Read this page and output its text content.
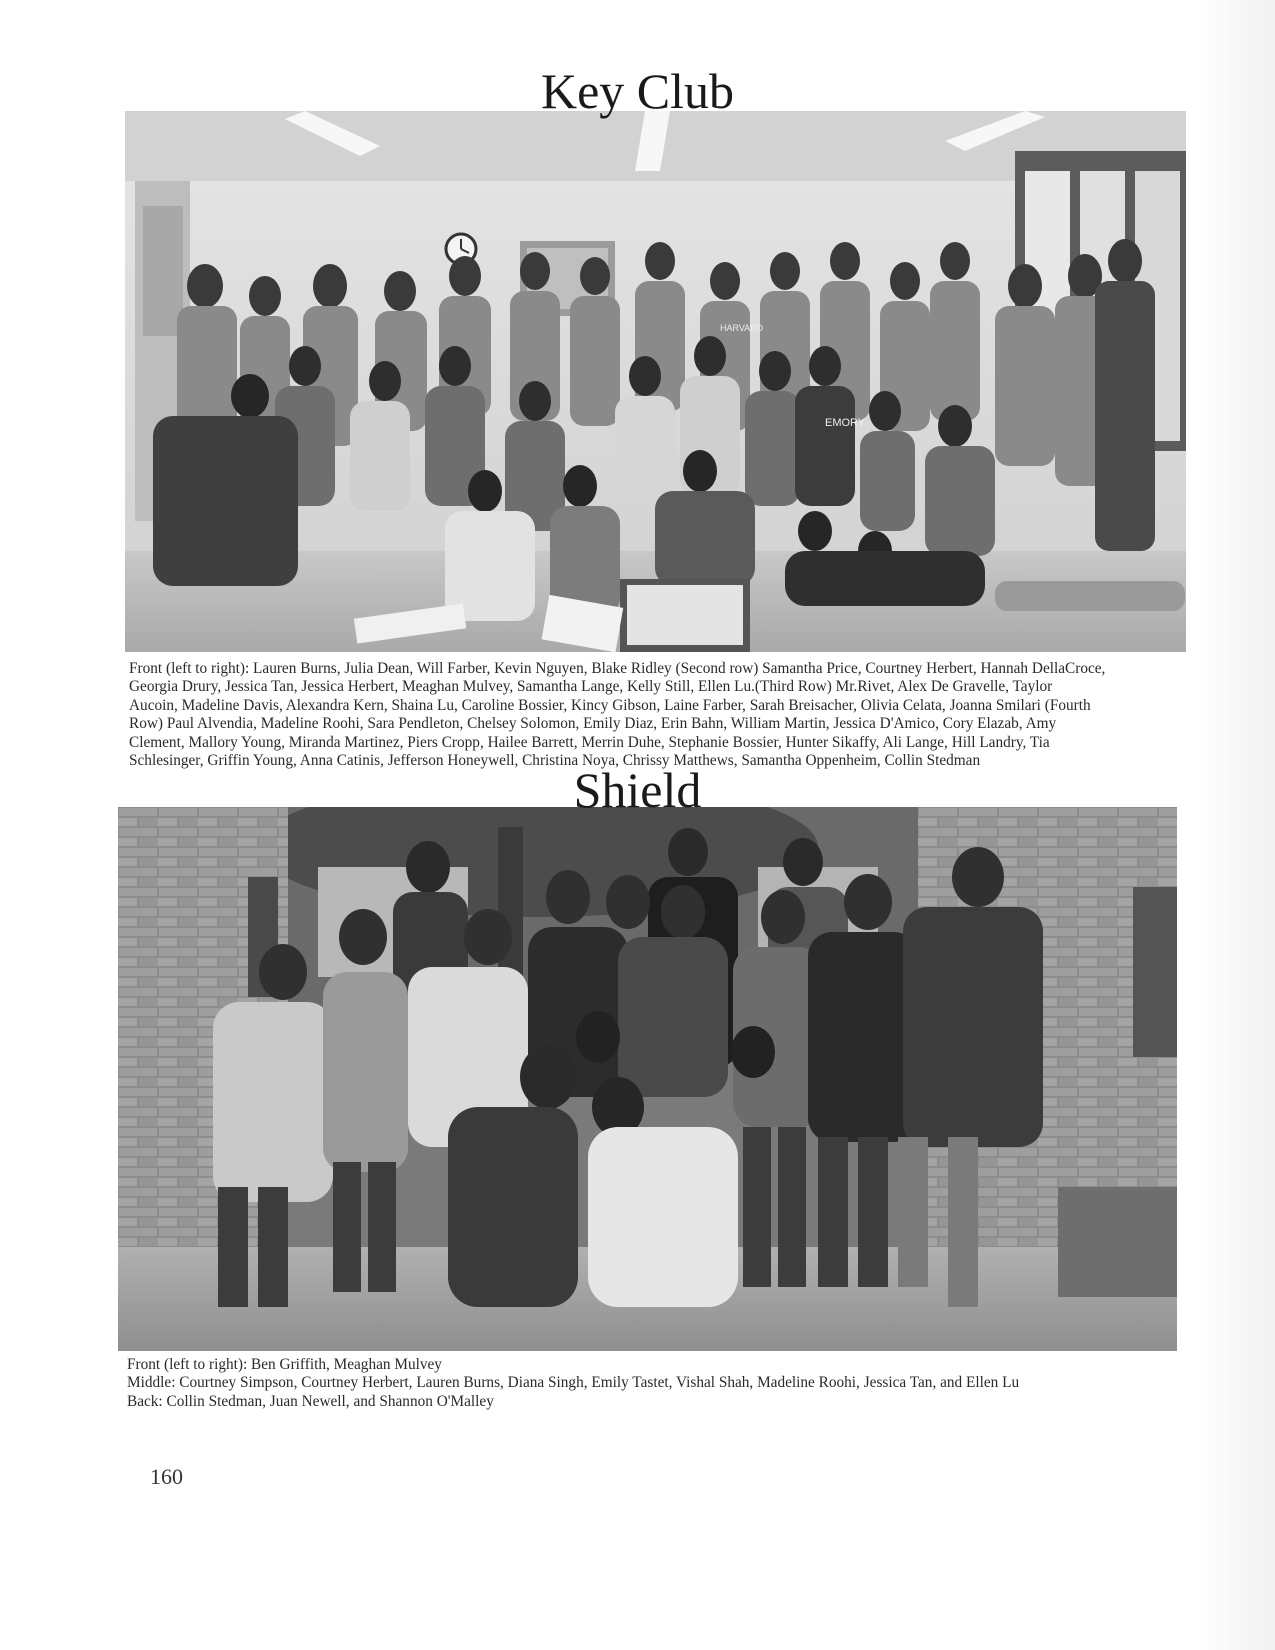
Key Club
EMORY
HARVARD
Front (left to right): Lauren Burns, Julia Dean, Will Farber, Kevin Nguyen, Blake Ridley (Second row) Samantha Price, Courtney Herbert, Hannah DellaCroce,
Georgia Drury, Jessica Tan, Jessica Herbert, Meaghan Mulvey, Samantha Lange, Kelly Still, Ellen Lu.(Third Row) Mr.Rivet, Alex De Gravelle, Taylor
Aucoin, Madeline Davis, Alexandra Kern, Shaina Lu, Caroline Bossier, Kincy Gibson, Laine Farber, Sarah Breisacher, Olivia Celata, Joanna Smilari (Fourth
Row) Paul Alvendia, Madeline Roohi, Sara Pendleton, Chelsey Solomon, Emily Diaz, Erin Bahn, William Martin, Jessica D'Amico, Cory Elazab, Amy
Clement, Mallory Young, Miranda Martinez, Piers Cropp, Hailee Barrett, Merrin Duhe, Stephanie Bossier, Hunter Sikaffy, Ali Lange, Hill Landry, Tia
Schlesinger, Griffin Young, Anna Catinis, Jefferson Honeywell, Christina Noya, Chrissy Matthews, Samantha Oppenheim, Collin Stedman
Shield
Front (left to right): Ben Griffith, Meaghan Mulvey
Middle: Courtney Simpson, Courtney Herbert, Lauren Burns, Diana Singh, Emily Tastet, Vishal Shah, Madeline Roohi, Jessica Tan, and Ellen Lu
Back: Collin Stedman, Juan Newell, and Shannon O'Malley
160
